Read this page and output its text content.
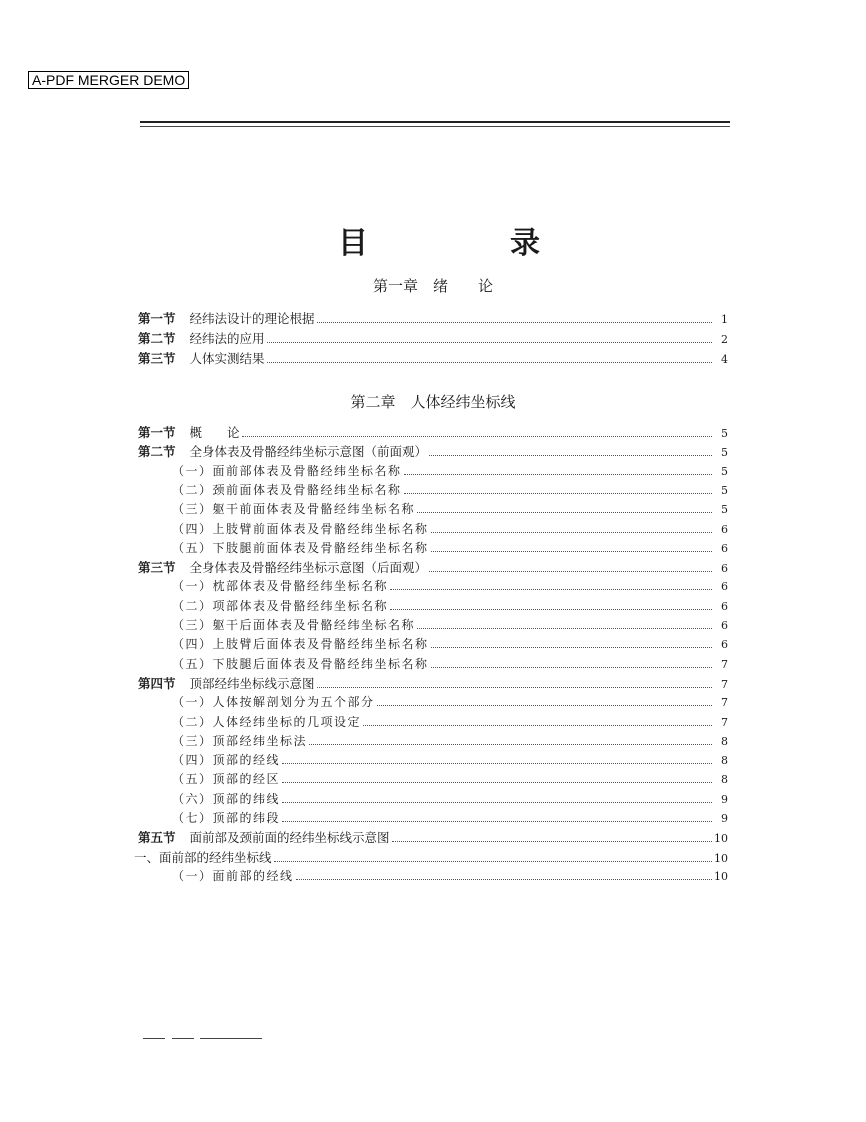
A-PDF MERGER DEMO
目　录
第一章　绪　　论
第一节 经纬法设计的理论根据	1
第二节 经纬法的应用	2
第三节 人体实测结果	4
第二章　人体经纬坐标线
第一节 概　　论	5
第二节 全身体表及骨骼经纬坐标示意图（前面观）	5
（一）面前部体表及骨骼经纬坐标名称	5
（二）颈前面体表及骨骼经纬坐标名称	5
（三）躯干前面体表及骨骼经纬坐标名称	5
（四）上肢臂前面体表及骨骼经纬坐标名称	6
（五）下肢腿前面体表及骨骼经纬坐标名称	6
第三节 全身体表及骨骼经纬坐标示意图（后面观）	6
（一）枕部体表及骨骼经纬坐标名称	6
（二）项部体表及骨骼经纬坐标名称	6
（三）躯干后面体表及骨骼经纬坐标名称	6
（四）上肢臂后面体表及骨骼经纬坐标名称	6
（五）下肢腿后面体表及骨骼经纬坐标名称	7
第四节 顶部经纬坐标线示意图	7
（一）人体按解剖划分为五个部分	7
（二）人体经纬坐标的几项设定	7
（三）顶部经纬坐标法	8
（四）顶部的经线	8
（五）顶部的经区	8
（六）顶部的纬线	9
（七）顶部的纬段	9
第五节 面前部及颈前面的经纬坐标线示意图	10
一、面前部的经纬坐标线	10
（一）面前部的经线	10
